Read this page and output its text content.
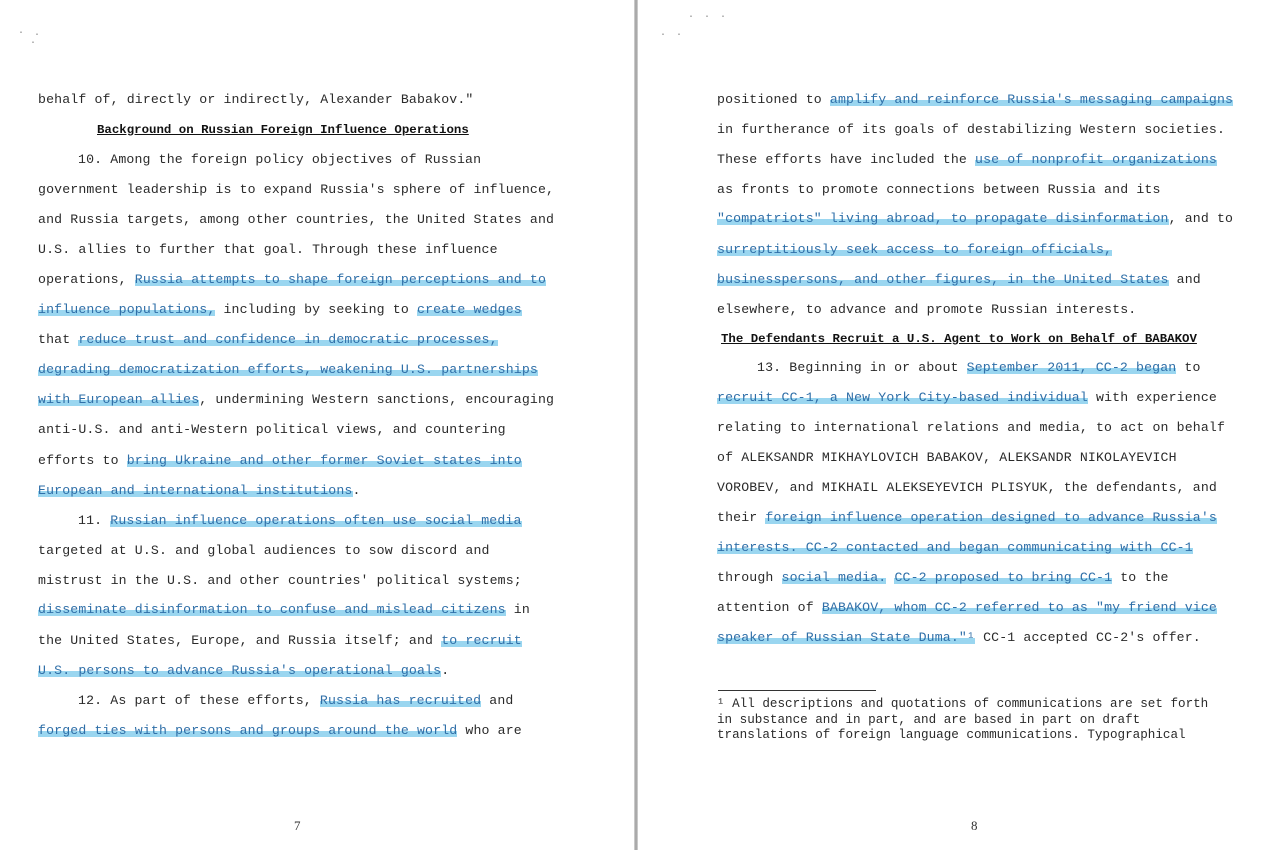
· .
·
Background on Russian Foreign Influence Operations
behalf of, directly or indirectly, Alexander Babakov."
10. Among the foreign policy objectives of Russian
government leadership is to expand Russia's sphere of influence,
and Russia targets, among other countries, the United States and
U.S. allies to further that goal. Through these influence
operations, Russia attempts to shape foreign perceptions and to
influence populations, including by seeking to create wedges
that reduce trust and confidence in democratic processes,
degrading democratization efforts, weakening U.S. partnerships
with European allies, undermining Western sanctions, encouraging
anti-U.S. and anti-Western political views, and countering
efforts to bring Ukraine and other former Soviet states into
European and international institutions.
11. Russian influence operations often use social media
targeted at U.S. and global audiences to sow discord and
mistrust in the U.S. and other countries' political systems;
disseminate disinformation to confuse and mislead citizens in
the United States, Europe, and Russia itself; and to recruit
U.S. persons to advance Russia's operational goals.
12. As part of these efforts, Russia has recruited and
forged ties with persons and groups around the world who are
7
· ·
· · ·
The Defendants Recruit a U.S. Agent to Work on Behalf of BABAKOV
positioned to amplify and reinforce Russia's messaging campaigns
in furtherance of its goals of destabilizing Western societies.
These efforts have included the use of nonprofit organizations
as fronts to promote connections between Russia and its
"compatriots" living abroad, to propagate disinformation, and to
surreptitiously seek access to foreign officials,
businesspersons, and other figures, in the United States and
elsewhere, to advance and promote Russian interests.
13. Beginning in or about September 2011, CC-2 began to
recruit CC-1, a New York City-based individual with experience
relating to international relations and media, to act on behalf
of ALEKSANDR MIKHAYLOVICH BABAKOV, ALEKSANDR NIKOLAYEVICH
VOROBEV, and MIKHAIL ALEKSEYEVICH PLISYUK, the defendants, and
their foreign influence operation designed to advance Russia's
interests. CC-2 contacted and began communicating with CC-1
through social media. CC-2 proposed to bring CC-1 to the
attention of BABAKOV, whom CC-2 referred to as "my friend vice
speaker of Russian State Duma."¹ CC-1 accepted CC-2's offer.
¹ All descriptions and quotations of communications are set forth
in substance and in part, and are based in part on draft
translations of foreign language communications. Typographical
8
